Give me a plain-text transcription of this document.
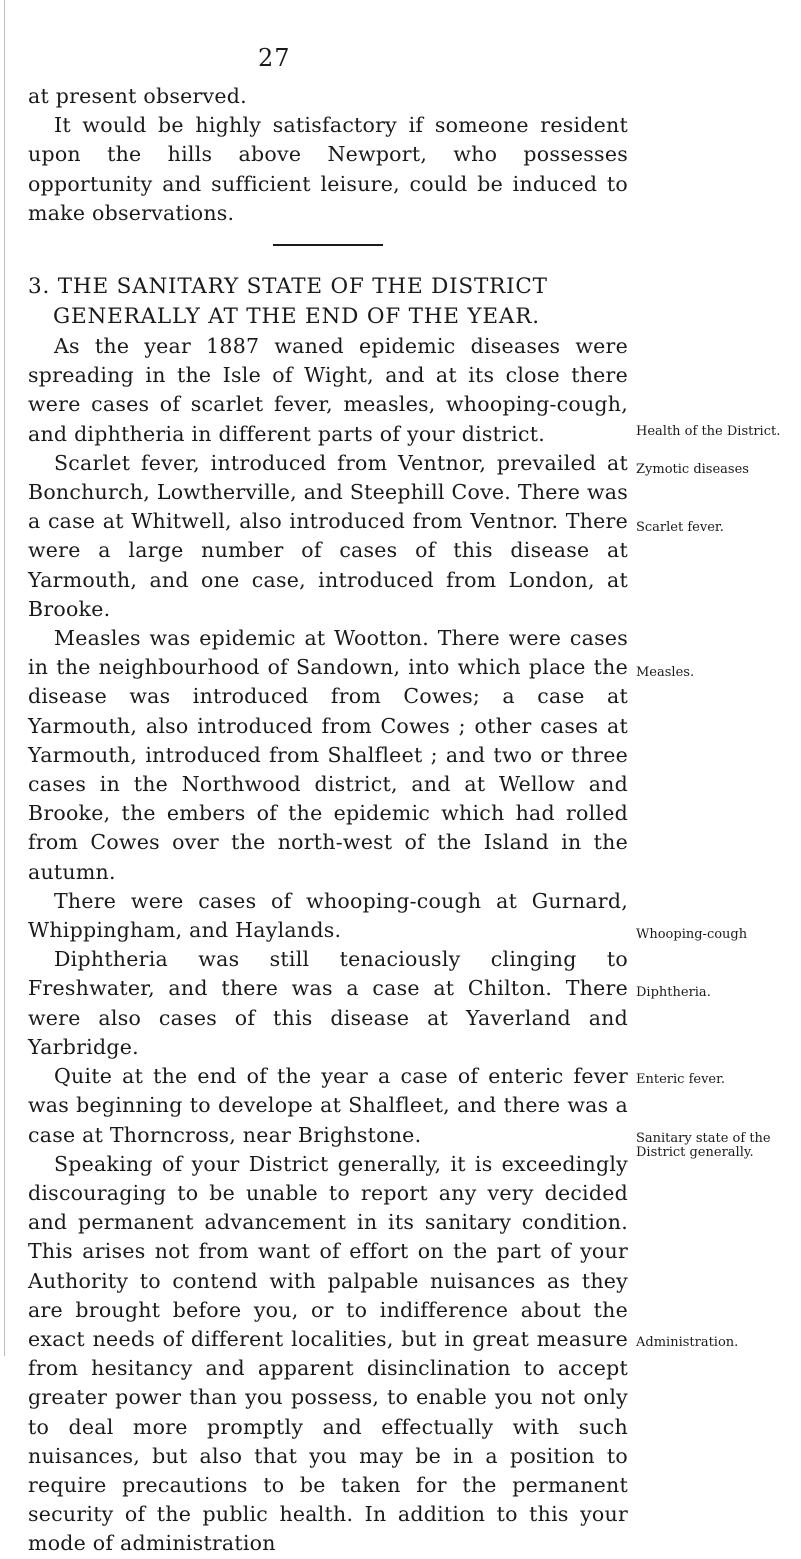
27

at present observed.

It would be highly satisfactory if someone resident upon the hills above Newport, who possesses opportunity and sufficient leisure, could be induced to make observations.

3. THE SANITARY STATE OF THE DISTRICT
GENERALLY AT THE END OF THE YEAR.

As the year 1887 waned epidemic diseases were spreading in the Isle of Wight, and at its close there were cases of scarlet fever, measles, whooping-cough, and diphtheria in different parts of your district.

Scarlet fever, introduced from Ventnor, prevailed at Bonchurch, Lowtherville, and Steephill Cove. There was a case at Whitwell, also introduced from Ventnor. There were a large number of cases of this disease at Yarmouth, and one case, introduced from London, at Brooke.

Measles was epidemic at Wootton. There were cases in the neighbourhood of Sandown, into which place the disease was introduced from Cowes; a case at Yarmouth, also introduced from Cowes ; other cases at Yarmouth, introduced from Shalfleet ; and two or three cases in the Northwood district, and at Wellow and Brooke, the embers of the epidemic which had rolled from Cowes over the north-west of the Island in the autumn.

There were cases of whooping-cough at Gurnard, Whippingham, and Haylands.

Diphtheria was still tenaciously clinging to Freshwater, and there was a case at Chilton. There were also cases of this disease at Yaverland and Yarbridge.

Quite at the end of the year a case of enteric fever was beginning to develope at Shalfleet, and there was a case at Thorncross, near Brighstone.

Speaking of your District generally, it is exceedingly discouraging to be unable to report any very decided and permanent advancement in its sanitary condition. This arises not from want of effort on the part of your Authority to contend with palpable nuisances as they are brought before you, or to indifference about the exact needs of different localities, but in great measure from hesitancy and apparent disinclination to accept greater power than you possess, to enable you not only to deal more promptly and effectually with such nuisances, but also that you may be in a position to require precautions to be taken for the permanent security of the public health. In addition to this your mode of administration

Health of the District.
Zymotic diseases
Scarlet fever.
Measles.
Whooping-cough
Diphtheria.
Enteric fever.
Sanitary state of the District generally.
Administration.
